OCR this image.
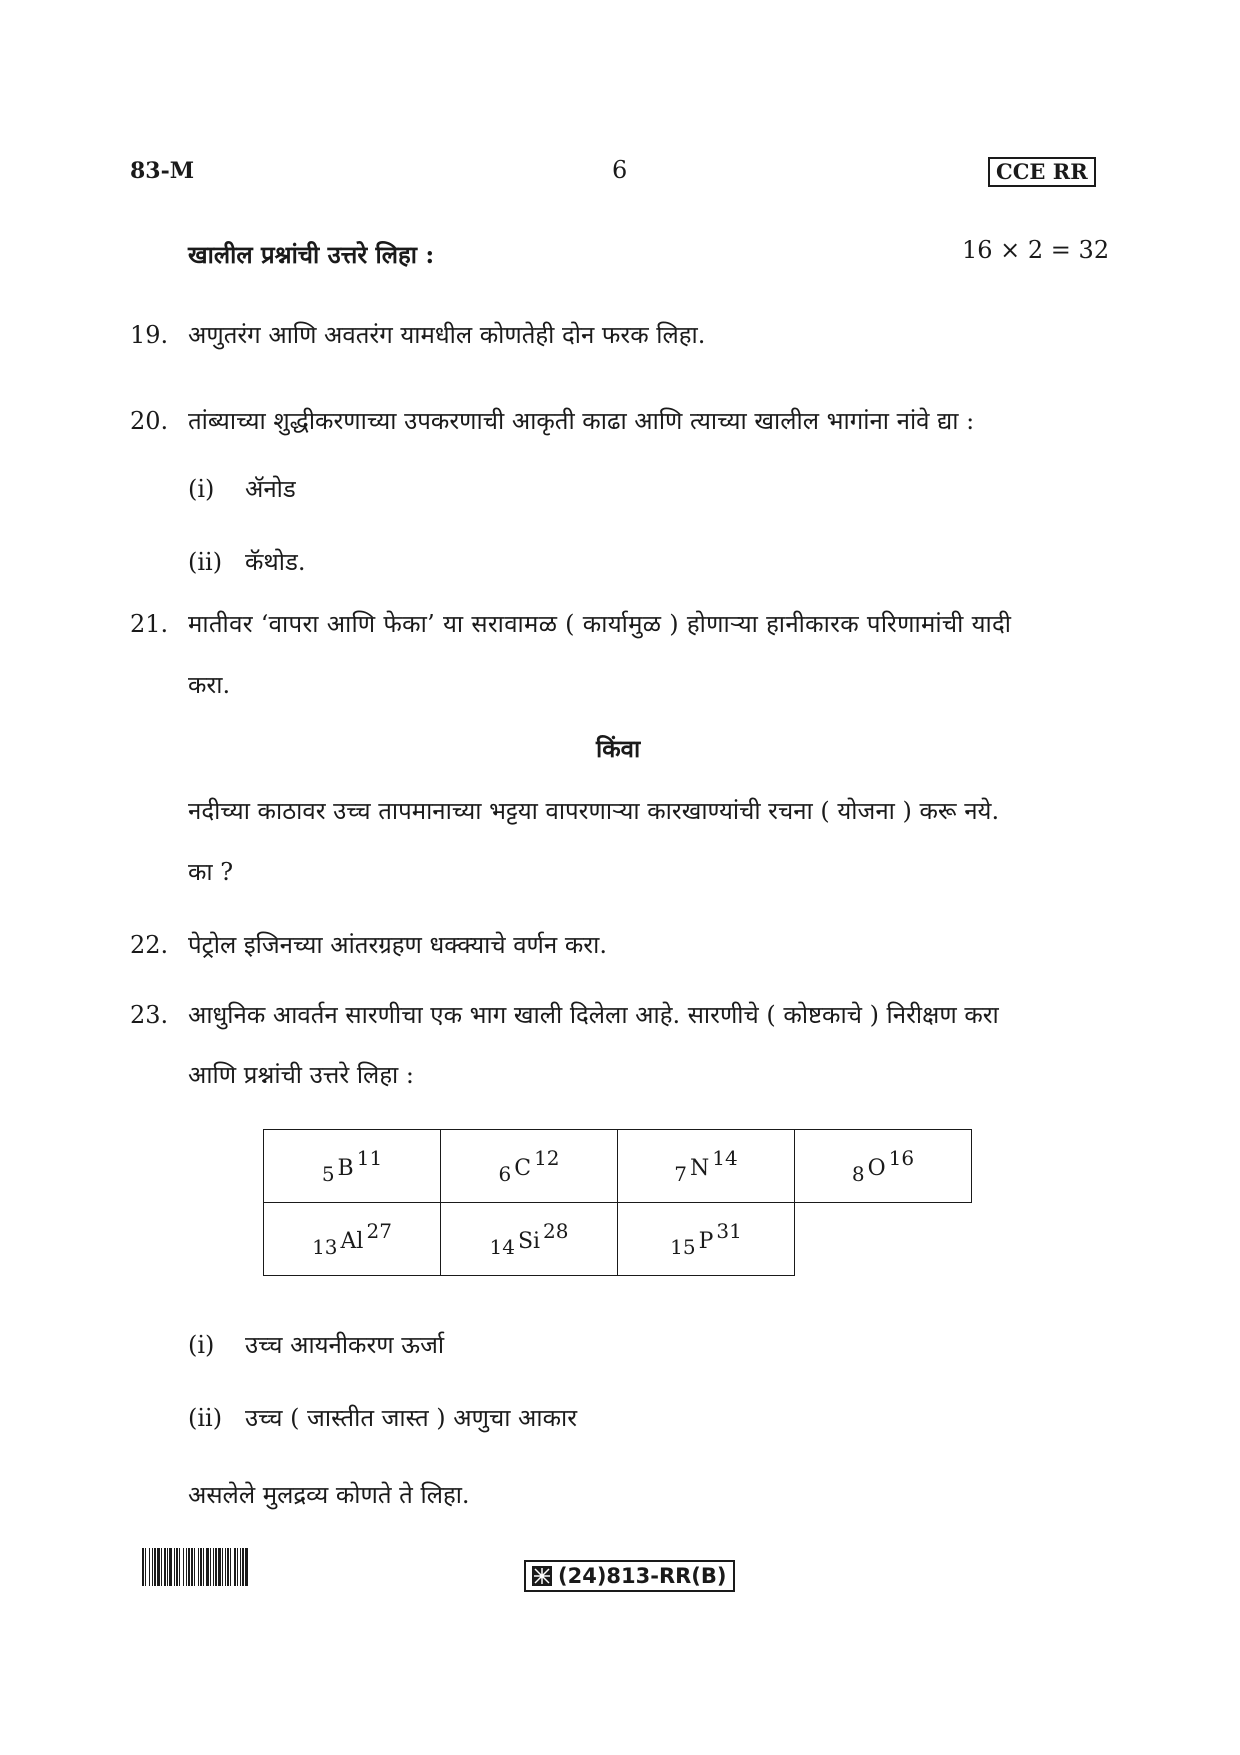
83-M	6	CCE RR
खालील प्रश्नांची उत्तरे लिहा :	16 × 2 = 32
19. अणुतरंग आणि अवतरंग यामधील कोणतेही दोन फरक लिहा.
20. तांब्याच्या शुद्धीकरणाच्या उपकरणाची आकृती काढा आणि त्याच्या खालील भागांना नांवे द्या :
(i) ॲनोड
(ii) कॅथोड.
21. मातीवर ‘वापरा आणि फेका’ या सरावामळ ( कार्यामुळ ) होणाऱ्या हानीकारक परिणामांची यादी
करा.
किंवा
नदीच्या काठावर उच्च तापमानाच्या भट्टया वापरणाऱ्या कारखाण्यांची रचना ( योजना ) करू नये.
का ?
22. पेट्रोल इजिनच्या आंतरग्रहण धक्क्याचे वर्णन करा.
23. आधुनिक आवर्तन सारणीचा एक भाग खाली दिलेला आहे. सारणीचे ( कोष्टकाचे ) निरीक्षण करा
आणि प्रश्नांची उत्तरे लिहा :
$_5$ B $^{11}$	$_6$ C $^{12}$	$_7$ N $^{14}$	$_8$ O $^{16}$
$_{13}$ Al $^{27}$	$_{14}$ Si $^{28}$	$_{15}$ P $^{31}$	
(i) उच्च आयनीकरण ऊर्जा
(ii) उच्च ( जास्तीत जास्त ) अणुचा आकार
असलेले मुलद्रव्य कोणते ते लिहा.
(24)813-RR(B)
